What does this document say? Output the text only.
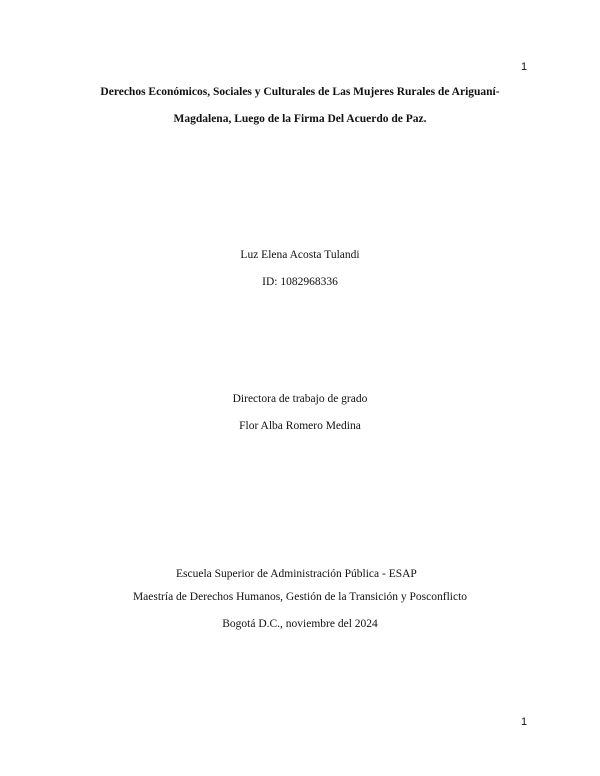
1
Derechos Económicos, Sociales y Culturales de Las Mujeres Rurales de Ariguaní-
Magdalena, Luego de la Firma Del Acuerdo de Paz.
Luz Elena Acosta Tulandi
ID: 1082968336
Directora de trabajo de grado
Flor Alba Romero Medina
Escuela Superior de Administración Pública - ESAP
Maestría de Derechos Humanos, Gestión de la Transición y Posconflicto
Bogotá D.C., noviembre del 2024
1
